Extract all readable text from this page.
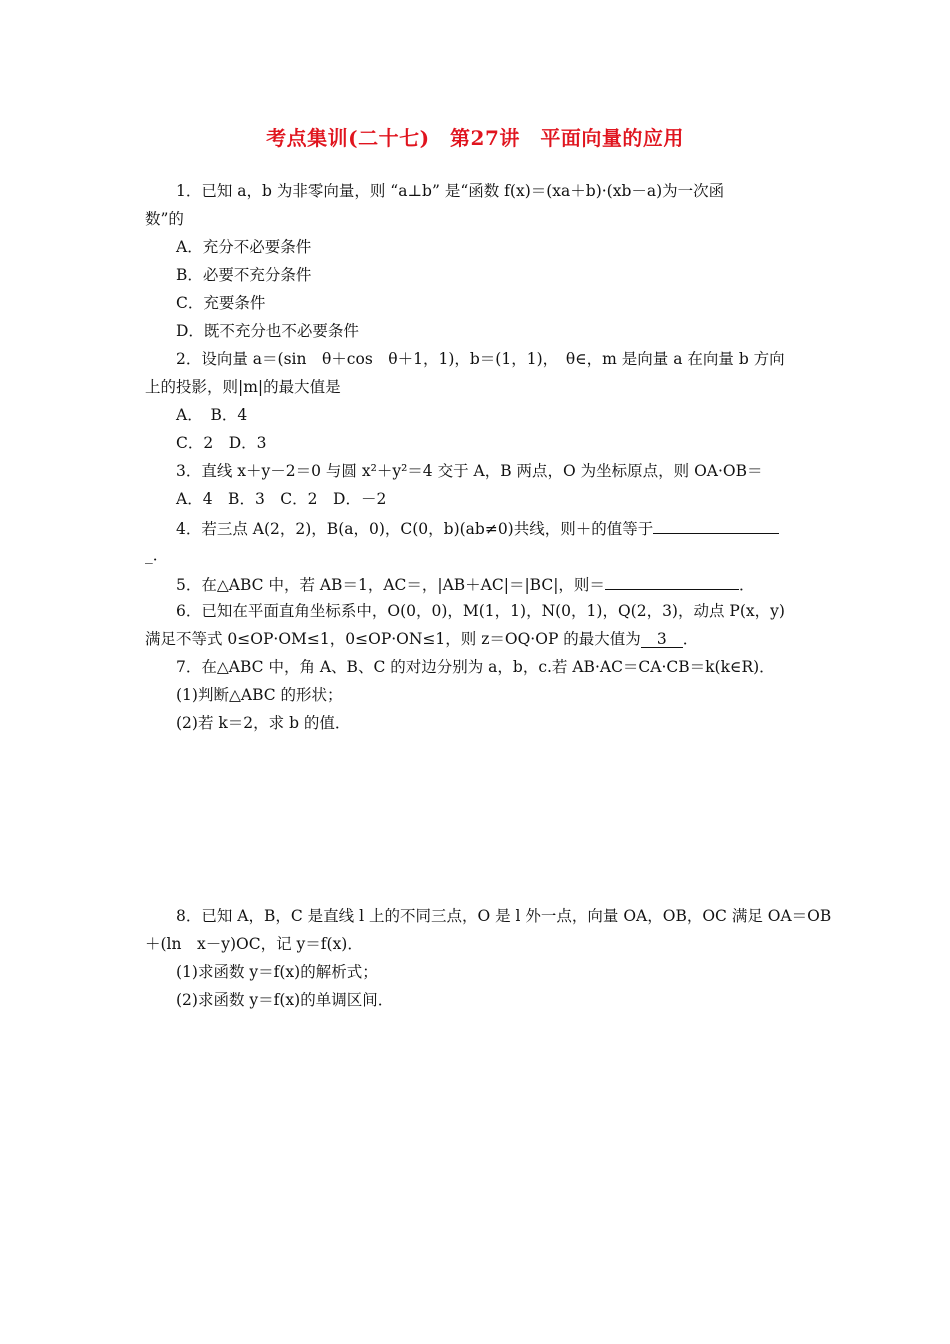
考点集训(二十七)　第27讲　平面向量的应用
1．已知 a，b 为非零向量，则 “a⊥b” 是“函数 f(x)＝(xa＋b)·(xb－a)为一次函
数”的
A．充分不必要条件
B．必要不充分条件
C．充要条件
D．既不充分也不必要条件
2．设向量 a＝(sin　θ＋cos　θ＋1，1)，b＝(1，1)，　θ∈，m 是向量 a 在向量 b 方向
上的投影，则|m|的最大值是
A．　B．4
C．2　D．3
3．直线 x＋y－2＝0 与圆 x²＋y²＝4 交于 A，B 两点，O 为坐标原点，则 OA·OB＝
A．4　B．3　C．2　D．－2
4．若三点 A(2，2)，B(a，0)，C(0，b)(ab≠0)共线，则＋的值等于
_．
5．在△ABC 中，若 AB＝1，AC＝，|AB＋AC|＝|BC|，则＝	．
6．已知在平面直角坐标系中，O(0，0)，M(1，1)，N(0，1)，Q(2，3)，动点 P(x，y)
满足不等式 0≤OP·OM≤1，0≤OP·ON≤1，则 z＝OQ·OP 的最大值为 3 ．
7．在△ABC 中，角 A、B、C 的对边分别为 a，b，c.若 AB·AC＝CA·CB＝k(k∈R)．
(1)判断△ABC 的形状；
(2)若 k＝2，求 b 的值．
8．已知 A，B，C 是直线 l 上的不同三点，O 是 l 外一点，向量 OA，OB，OC 满足 OA＝OB
＋(ln　x－y)OC，记 y＝f(x)．
(1)求函数 y＝f(x)的解析式；
(2)求函数 y＝f(x)的单调区间．
